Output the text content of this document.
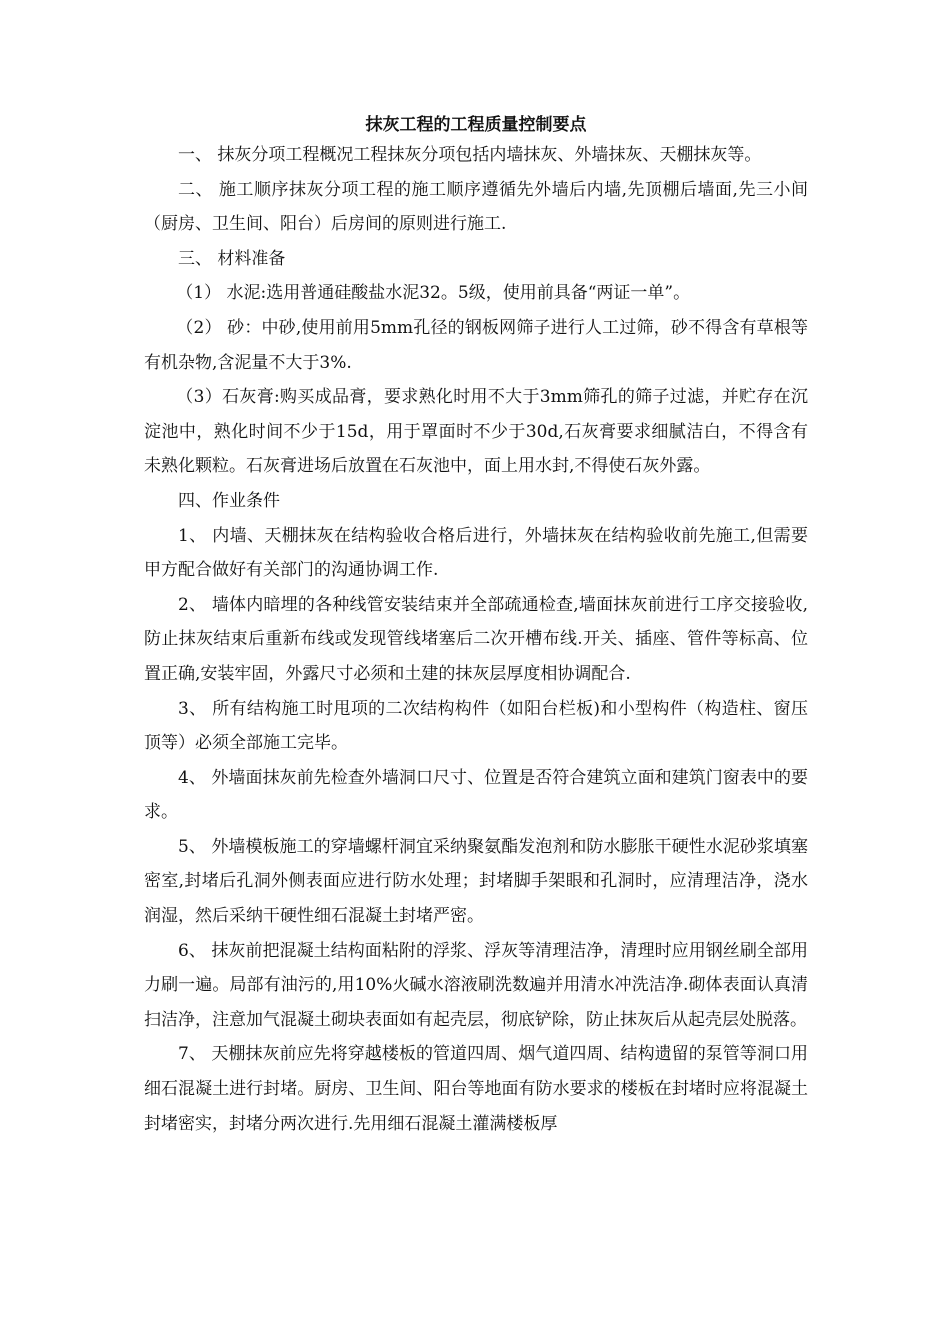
抹灰工程的工程质量控制要点

一、 抹灰分项工程概况工程抹灰分项包括内墙抹灰、外墙抹灰、天棚抹灰等。

二、 施工顺序抹灰分项工程的施工顺序遵循先外墙后内墙,先顶棚后墙面,先三小间（厨房、卫生间、阳台）后房间的原则进行施工.

三、 材料准备

（1） 水泥:选用普通硅酸盐水泥32。5级，使用前具备“两证一单”。

（2） 砂：中砂,使用前用5mm孔径的钢板网筛子进行人工过筛，砂不得含有草根等有机杂物,含泥量不大于3%.

（3）石灰膏:购买成品膏，要求熟化时用不大于3mm筛孔的筛子过滤，并贮存在沉淀池中，熟化时间不少于15d，用于罩面时不少于30d,石灰膏要求细腻洁白，不得含有未熟化颗粒。石灰膏进场后放置在石灰池中，面上用水封,不得使石灰外露。

四、作业条件

1、 内墙、天棚抹灰在结构验收合格后进行，外墙抹灰在结构验收前先施工,但需要甲方配合做好有关部门的沟通协调工作.

2、 墙体内暗埋的各种线管安装结束并全部疏通检查,墙面抹灰前进行工序交接验收,防止抹灰结束后重新布线或发现管线堵塞后二次开槽布线.开关、插座、管件等标高、位置正确,安装牢固，外露尺寸必须和土建的抹灰层厚度相协调配合.

3、 所有结构施工时甩项的二次结构构件（如阳台栏板)和小型构件（构造柱、窗压顶等）必须全部施工完毕。

4、 外墙面抹灰前先检查外墙洞口尺寸、位置是否符合建筑立面和建筑门窗表中的要求。

5、 外墙模板施工的穿墙螺杆洞宜采纳聚氨酯发泡剂和防水膨胀干硬性水泥砂浆填塞密室,封堵后孔洞外侧表面应进行防水处理；封堵脚手架眼和孔洞时，应清理洁净，浇水润湿，然后采纳干硬性细石混凝土封堵严密。

6、 抹灰前把混凝土结构面粘附的浮浆、浮灰等清理洁净，清理时应用钢丝刷全部用力刷一遍。局部有油污的,用10%火碱水溶液刷洗数遍并用清水冲洗洁净.砌体表面认真清扫洁净，注意加气混凝土砌块表面如有起壳层，彻底铲除，防止抹灰后从起壳层处脱落。

7、 天棚抹灰前应先将穿越楼板的管道四周、烟气道四周、结构遗留的泵管等洞口用细石混凝土进行封堵。厨房、卫生间、阳台等地面有防水要求的楼板在封堵时应将混凝土封堵密实，封堵分两次进行.先用细石混凝土灌满楼板厚
